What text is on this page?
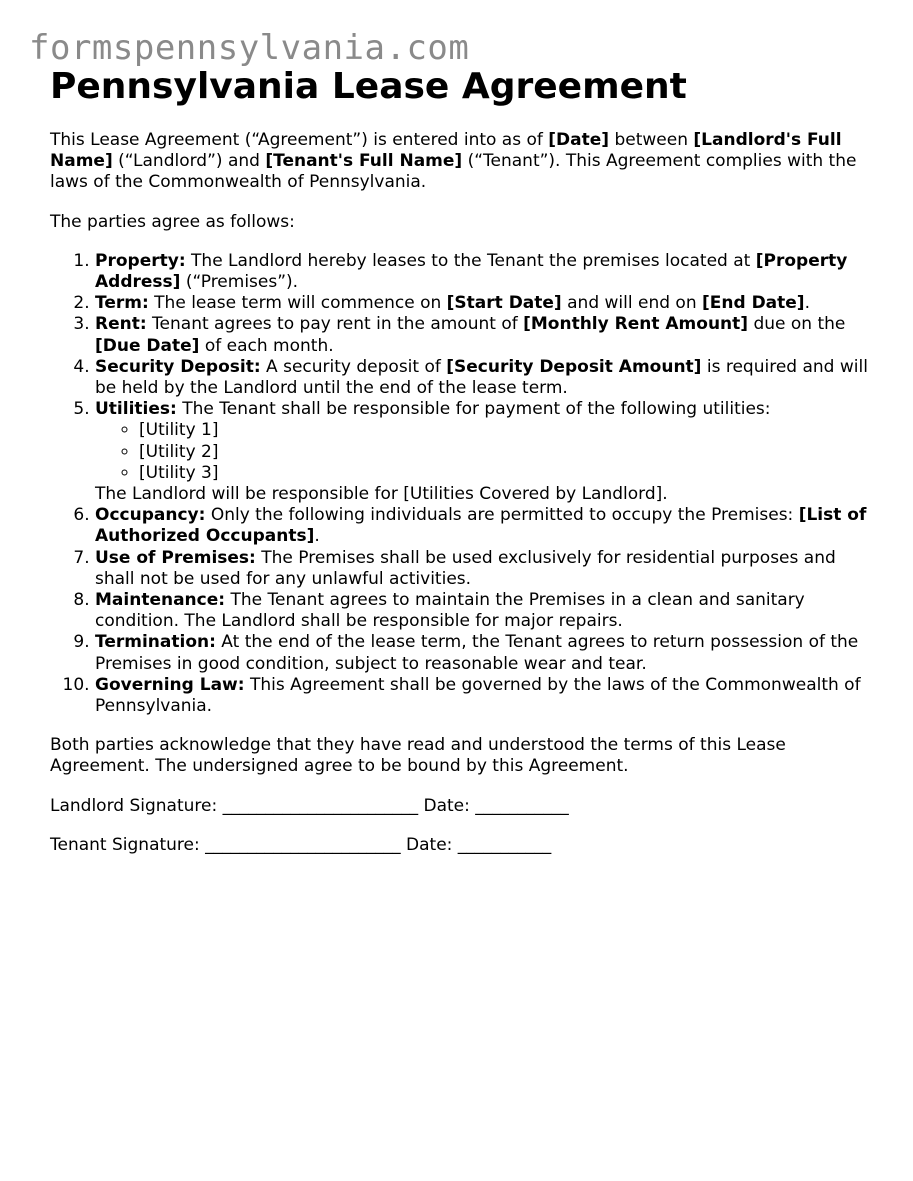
formspennsylvania.com
Pennsylvania Lease Agreement

This Lease Agreement (“Agreement”) is entered into as of [Date] between [Landlord's Full Name] (“Landlord”) and [Tenant's Full Name] (“Tenant”). This Agreement complies with the laws of the Commonwealth of Pennsylvania.

The parties agree as follows:

1. Property: The Landlord hereby leases to the Tenant the premises located at [Property Address] (“Premises”).
2. Term: The lease term will commence on [Start Date] and will end on [End Date].
3. Rent: Tenant agrees to pay rent in the amount of [Monthly Rent Amount] due on the [Due Date] of each month.
4. Security Deposit: A security deposit of [Security Deposit Amount] is required and will be held by the Landlord until the end of the lease term.
5. Utilities: The Tenant shall be responsible for payment of the following utilities:
◦ [Utility 1]
◦ [Utility 2]
◦ [Utility 3]
The Landlord will be responsible for [Utilities Covered by Landlord].
6. Occupancy: Only the following individuals are permitted to occupy the Premises: [List of Authorized Occupants].
7. Use of Premises: The Premises shall be used exclusively for residential purposes and shall not be used for any unlawful activities.
8. Maintenance: The Tenant agrees to maintain the Premises in a clean and sanitary condition. The Landlord shall be responsible for major repairs.
9. Termination: At the end of the lease term, the Tenant agrees to return possession of the Premises in good condition, subject to reasonable wear and tear.
10. Governing Law: This Agreement shall be governed by the laws of the Commonwealth of Pennsylvania.

Both parties acknowledge that they have read and understood the terms of this Lease Agreement. The undersigned agree to be bound by this Agreement.

Landlord Signature: _______________________ Date: ___________

Tenant Signature: _______________________ Date: ___________
